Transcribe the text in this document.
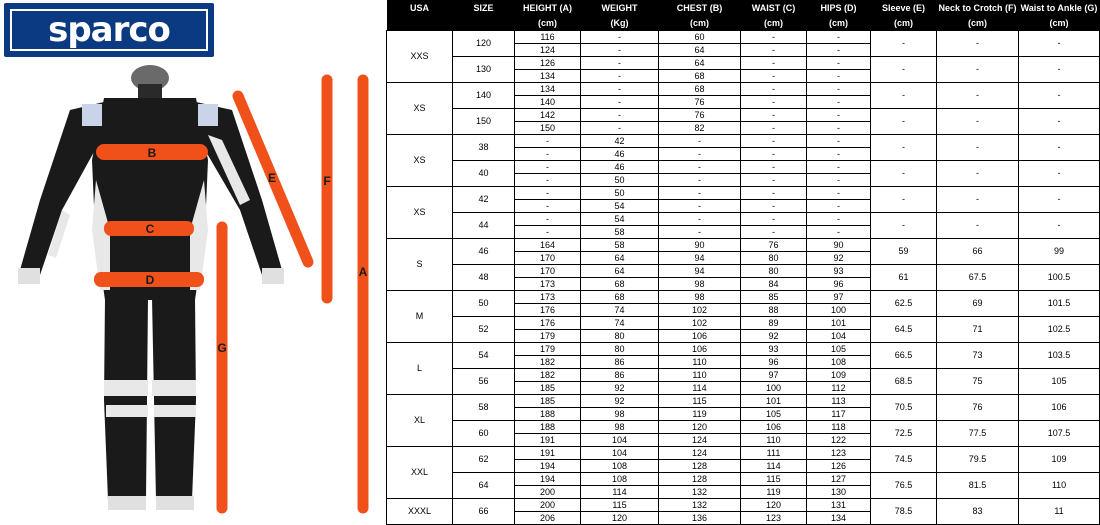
B
C
D
E	F
A
G
sparco
USA	SIZE	HEIGHT (A)	WEIGHT	CHEST (B)	WAIST (C)	HIPS (D)	Sleeve (E)	Neck to Crotch (F)	Waist to Ankle (G)
		(cm)	(Kg)	(cm)	(cm)	(cm)	(cm)	(cm)	(cm)
XXS	120	116	-	60	-	-	-	-	-
		124	-	64	-	-			
	130	126	-	64	-	-	-	-	-
		134	-	68	-	-			
XS	140	134	-	68	-	-	-	-	-
		140	-	76	-	-			
	150	142	-	76	-	-	-	-	-
		150	-	82	-	-			
XS	38	-	42	-	-	-	-	-	-
		-	46	-	-	-			
	40	-	46	-	-	-	-	-	-
		-	50	-	-	-			
XS	42	-	50	-	-	-	-	-	-
		-	54	-	-	-			
	44	-	54	-	-	-	-	-	-
		-	58	-	-	-			
S	46	164	58	90	76	90	59	66	99
		170	64	94	80	92			
	48	170	64	94	80	93	61	67.5	100.5
		173	68	98	84	96			
M	50	173	68	98	85	97	62.5	69	101.5
		176	74	102	88	100			
	52	176	74	102	89	101	64.5	71	102.5
		179	80	106	92	104			
L	54	179	80	106	93	105	66.5	73	103.5
		182	86	110	96	108			
	56	182	86	110	97	109	68.5	75	105
		185	92	114	100	112			
XL	58	185	92	115	101	113	70.5	76	106
		188	98	119	105	117			
	60	188	98	120	106	118	72.5	77.5	107.5
		191	104	124	110	122			
XXL	62	191	104	124	111	123	74.5	79.5	109
		194	108	128	114	126			
	64	194	108	128	115	127	76.5	81.5	110
		200	114	132	119	130			
XXXL	66	200	115	132	120	131	78.5	83	11
		206	120	136	123	134			
